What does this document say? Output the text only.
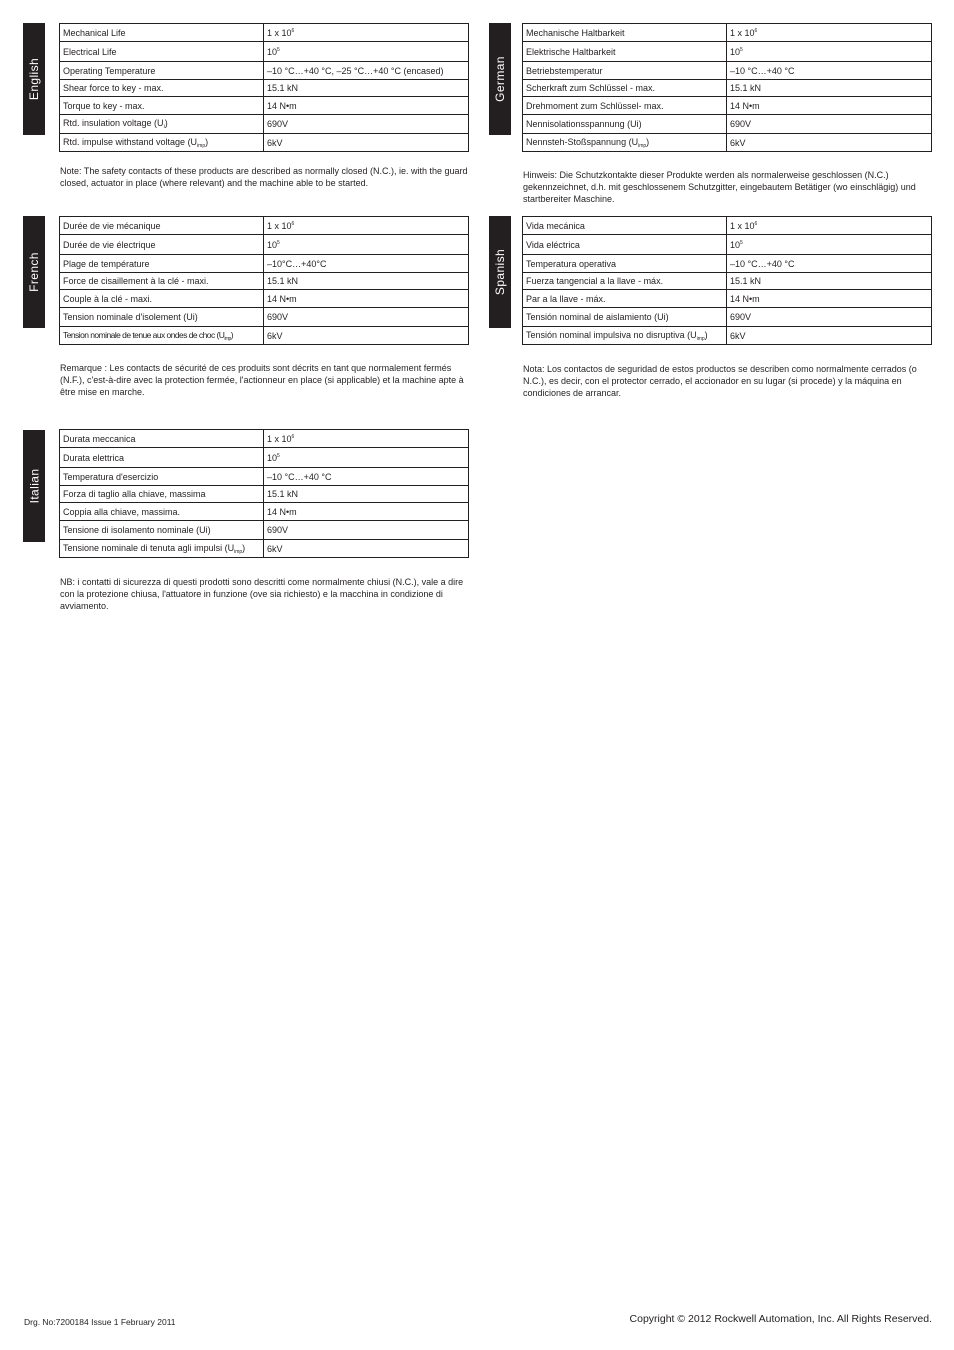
English
Mechanical Life	1 x $10^6$
Electrical Life	$10^5$
Operating Temperature	–10 °C…+40 °C, –25 °C…+40 °C (encased)
Shear force to key - max.	15.1 kN
Torque to key - max.	14 N•m
Rtd. insulation voltage $(U_i)$	690V
Rtd. impulse withstand voltage $(U_{imp})$	6kV

Note: The safety contacts of these products are described as normally closed (N.C.), ie. with the guard closed, actuator in place (where relevant) and the machine able to be started.

German
Mechanische Haltbarkeit	1 x $10^6$
Elektrische Haltbarkeit	$10^5$
Betriebstemperatur	–10 °C…+40 °C
Scherkraft zum Schlüssel - max.	15.1 kN
Drehmoment zum Schlüssel- max.	14 N•m
Nennisolationsspannung (Ui)	690V
Nennsteh-Stoßspannung $(U_{imp})$	6kV

Hinweis: Die Schutzkontakte dieser Produkte werden als normalerweise geschlossen (N.C.) gekennzeichnet, d.h. mit geschlossenem Schutzgitter, eingebautem Betätiger (wo einschlägig) und startbereiter Maschine.

French
Durée de vie mécanique	1 x $10^6$
Durée de vie électrique	$10^5$
Plage de température	–10°C…+40°C
Force de cisaillement à la clé - maxi.	15.1 kN
Couple à la clé - maxi.	14 N•m
Tension nominale d'isolement (Ui)	690V
Tension nominale de tenue aux ondes de choc $(U_{imp})$	6kV

Remarque : Les contacts de sécurité de ces produits sont décrits en tant que normalement fermés (N.F.), c'est-à-dire avec la protection fermée, l'actionneur en place (si applicable) et la machine apte à être mise en marche.

Spanish
Vida mecánica	1 x $10^6$
Vida eléctrica	$10^5$
Temperatura operativa	–10 °C…+40 °C
Fuerza tangencial a la llave - máx.	15.1 kN
Par a la llave - máx.	14 N•m
Tensión nominal de aislamiento (Ui)	690V
Tensión nominal impulsiva no disruptiva $(U_{imp})$	6kV

Nota: Los contactos de seguridad de estos productos se describen como normalmente cerrados (o N.C.), es decir, con el protector cerrado, el accionador en su lugar (si procede) y la máquina en condiciones de arrancar.

Italian
Durata meccanica	1 x $10^6$
Durata elettrica	$10^5$
Temperatura d'esercizio	–10 °C…+40 °C
Forza di taglio alla chiave, massima	15.1 kN
Coppia alla chiave, massima.	14 N•m
Tensione di isolamento nominale (Ui)	690V
Tensione nominale di tenuta agli impulsi $(U_{imp})$	6kV

NB: i contatti di sicurezza di questi prodotti sono descritti come normalmente chiusi (N.C.), vale a dire con la protezione chiusa, l'attuatore in funzione (ove sia richiesto) e la macchina in condizione di avviamento.

Drg. No:7200184 Issue 1 February 2011	Copyright © 2012 Rockwell Automation, Inc. All Rights Reserved.
